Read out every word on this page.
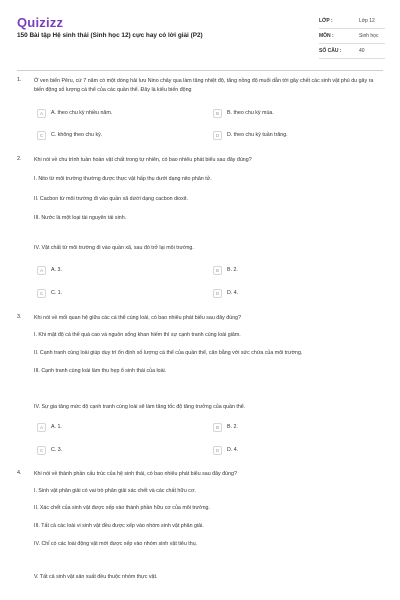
Quizizz
150 Bài tập Hệ sinh thái (Sinh học 12) cực hay có lời giải (P2)
LỚP :	Lớp 12
MÔN :	Sinh học
SỐ CÂU :	40
1. Ở ven biển Pêru, cứ 7 năm có một dòng hải lưu Nino chảy qua làm tăng nhiệt độ, tăng nồng độ muối dẫn tới gây chết các sinh vật phù du gây ra biến động số lượng cá thể của các quần thể. Đây là kiểu biến động
A	A. theo chu kỳ nhiều năm.	B	B. theo chu kỳ mùa.
C	C. không theo chu kỳ.	D	D. theo chu kỳ tuần trăng.
2. Khi nói về chu trình tuần hoàn vật chất trong tự nhiên, có bao nhiêu phát biểu sau đây đúng?
I. Nito từ môi trường thường được thực vật hấp thụ dưới dạng nito phân tử.
II. Cacbon từ môi trường đi vào quần xã dưới dạng cacbon dioxit.
III. Nước là một loại tài nguyên tái sinh.
IV. Vật chất từ môi trường đi vào quần xã, sau đó trở lại môi trường.
A	A. 3.	B	B. 2.
C	C. 1.	D	D. 4.
3. Khi nói về mối quan hệ giữa các cá thể cùng loài, có bao nhiêu phát biểu sau đây đúng?
I. Khi mật độ cá thể quá cao và nguồn sống khan hiếm thì sự cạnh tranh cùng loài giảm.
II. Cạnh tranh cùng loài giúp duy trì ổn định số lượng cá thể của quần thể, cân bằng với sức chứa của môi trường.
III. Cạnh tranh cùng loài làm thu hẹp ổ sinh thái của loài.
IV. Sự gia tăng mức độ cạnh tranh cùng loài sẽ làm tăng tốc độ tăng trưởng của quần thể.
A	A. 1.	B	B. 2.
C	C. 3.	D	D. 4.
4. Khi nói về thành phần cấu trúc của hệ sinh thái, có bao nhiêu phát biểu sau đây đúng?
I. Sinh vật phân giải có vai trò phân giải xác chết và các chất hữu cơ.
II. Xác chết của sinh vật được xếp vào thành phần hữu cơ của môi trường.
III. Tất cả các loài vi sinh vật đều được xếp vào nhóm sinh vật phân giải.
IV. Chỉ có các loài động vật mới được xếp vào nhóm sinh vật tiêu thụ.
V. Tất cả sinh vật sản xuất đều thuộc nhóm thực vật.
